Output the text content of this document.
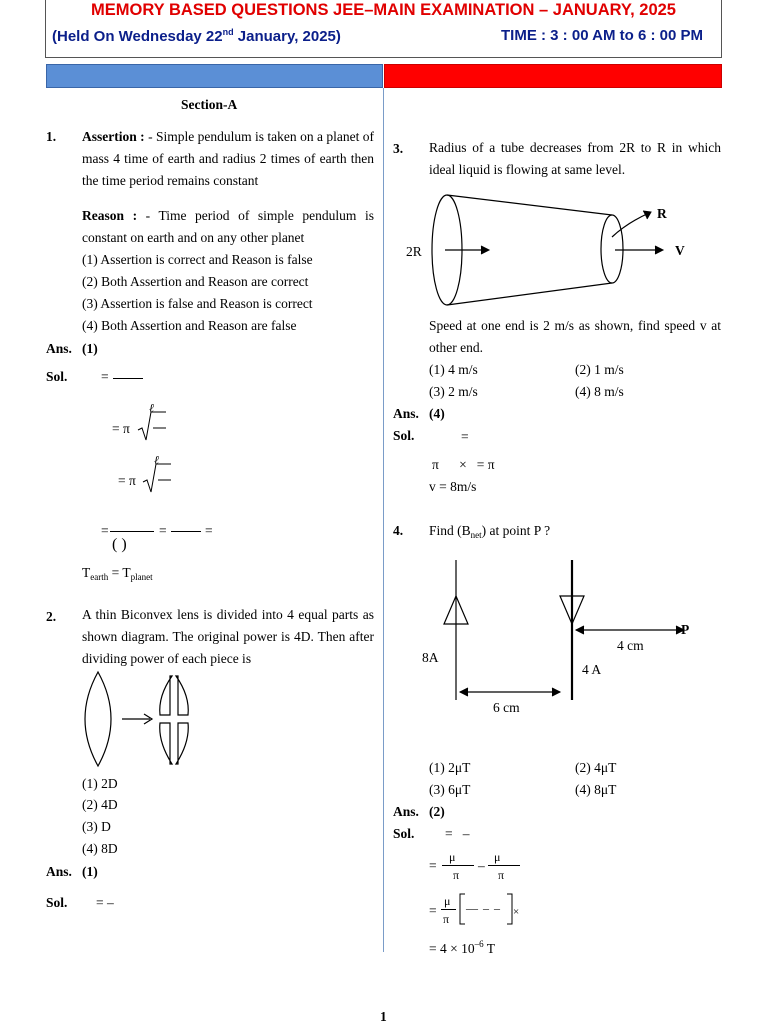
MEMORY BASED QUESTIONS JEE–MAIN EXAMINATION – JANUARY, 2025
(Held On Wednesday 22nd January, 2025)	TIME : 3 : 00 AM to 6 : 00 PM
Section-A
1. Assertion : - Simple pendulum is taken on a planet of mass 4 time of earth and radius 2 times of earth then the time period remains constant
Reason : - Time period of simple pendulum is constant on earth and on any other planet
(1) Assertion is correct and Reason is false
(2) Both Assertion and Reason are correct
(3) Assertion is false and Reason is correct
(4) Both Assertion and Reason are false
Ans. (1)
Sol. =
= π
ℓ
= π
ℓ
=	=	=
( )
$T_{earth} = T_{planet}$
2. A thin Biconvex lens is divided into 4 equal parts as shown diagram. The original power is 4D. Then after dividing power of each piece is
(1) 2D
(2) 4D
(3) D
(4) 8D
Ans. (1)
Sol. = –
3. Radius of a tube decreases from 2R to R in which ideal liquid is flowing at same level.
2R
R
V
Speed at one end is 2 m/s as shown, find speed v at other end.
(1) 4 m/s	(2) 1 m/s
(3) 2 m/s	(4) 8 m/s
Ans. (4)
Sol.	=
π      ×   = π
v = 8m/s
4. Find $(B_{net})$ at point P ?
8A
4 A
P
4 cm
6 cm
(1) 2μT	(2) 4μT
(3) 6μT	(4) 8μT
Ans. (2)
Sol. =   –
=
μ
π
–
μ
π
=
μ
π
— – – ×
= $4 \times 10^{-6}$ T
1
